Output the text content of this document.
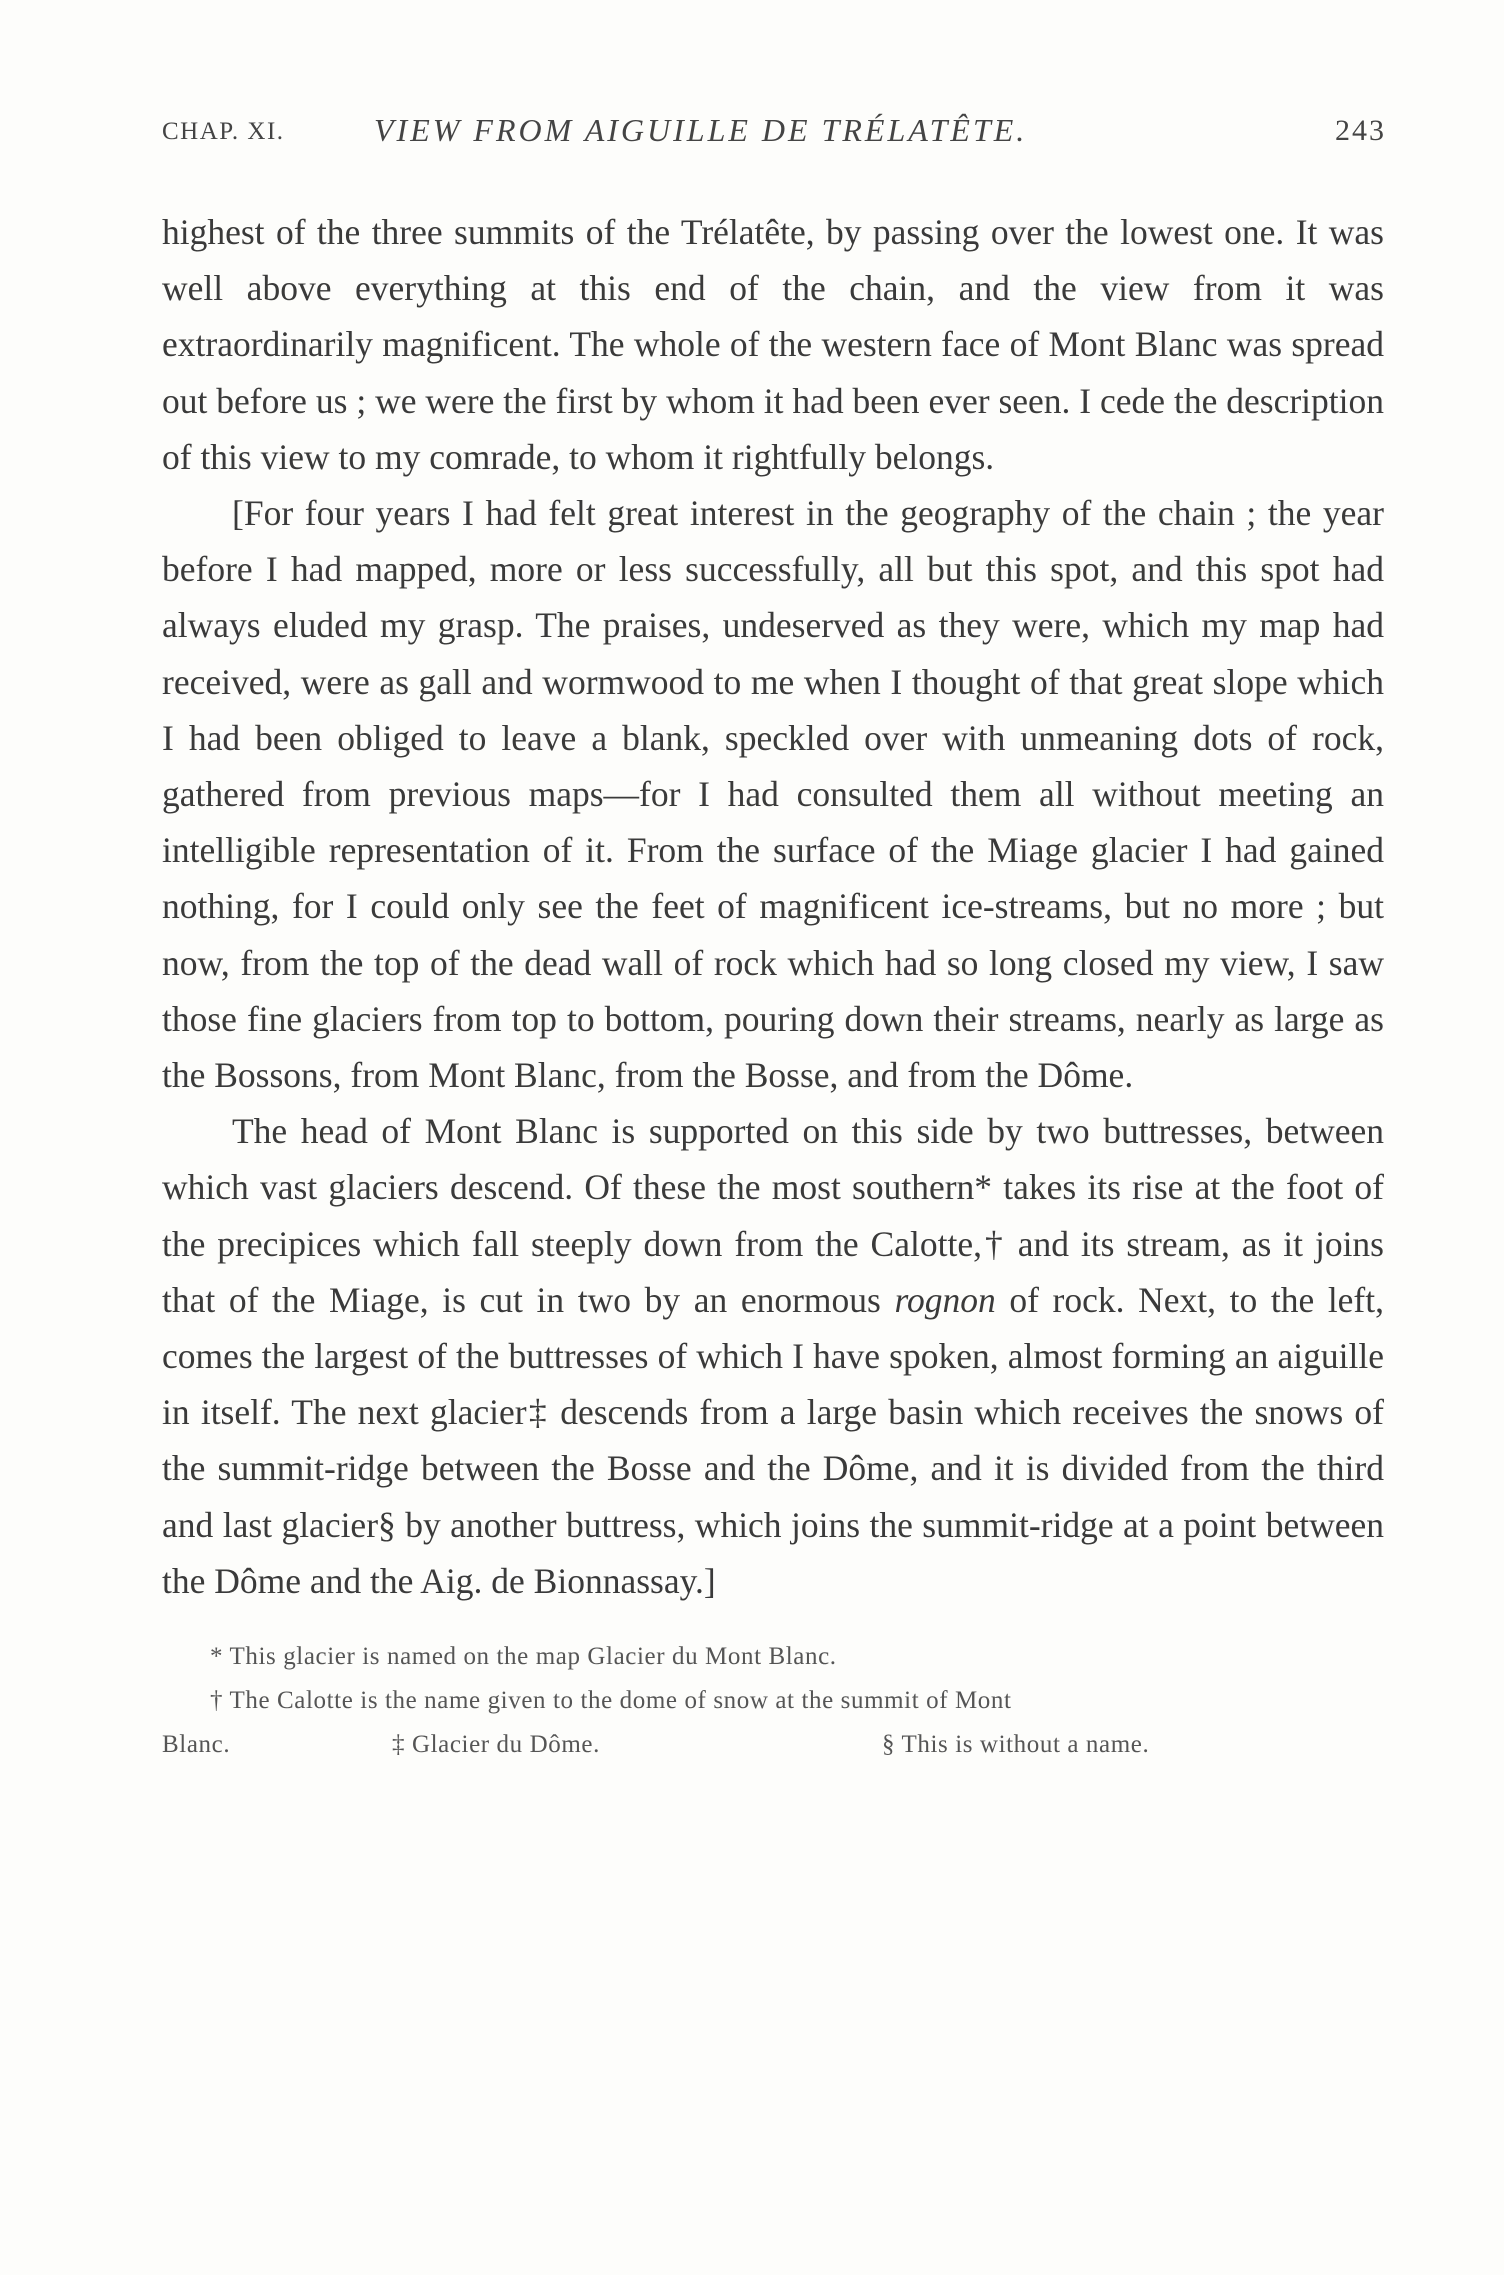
CHAP. XI.	VIEW FROM AIGUILLE DE TRÉLATÊTE.	243

highest of the three summits of the Trélatête, by passing over the lowest one. It was well above everything at this end of the chain, and the view from it was extraordinarily magnificent. The whole of the western face of Mont Blanc was spread out before us ; we were the first by whom it had been ever seen. I cede the description of this view to my comrade, to whom it rightfully belongs.

[For four years I had felt great interest in the geography of the chain ; the year before I had mapped, more or less successfully, all but this spot, and this spot had always eluded my grasp. The praises, undeserved as they were, which my map had received, were as gall and wormwood to me when I thought of that great slope which I had been obliged to leave a blank, speckled over with unmeaning dots of rock, gathered from previous maps—for I had consulted them all without meeting an intelligible representation of it. From the surface of the Miage glacier I had gained nothing, for I could only see the feet of magnificent ice-streams, but no more ; but now, from the top of the dead wall of rock which had so long closed my view, I saw those fine glaciers from top to bottom, pouring down their streams, nearly as large as the Bossons, from Mont Blanc, from the Bosse, and from the Dôme.

The head of Mont Blanc is supported on this side by two buttresses, between which vast glaciers descend. Of these the most southern* takes its rise at the foot of the precipices which fall steeply down from the Calotte,† and its stream, as it joins that of the Miage, is cut in two by an enormous rognon of rock. Next, to the left, comes the largest of the buttresses of which I have spoken, almost forming an aiguille in itself. The next glacier‡ descends from a large basin which receives the snows of the summit-ridge between the Bosse and the Dôme, and it is divided from the third and last glacier§ by another buttress, which joins the summit-ridge at a point between the Dôme and the Aig. de Bionnassay.]

* This glacier is named on the map Glacier du Mont Blanc.

† The Calotte is the name given to the dome of snow at the summit of Mont

Blanc.	‡ Glacier du Dôme.	§ This is without a name.
